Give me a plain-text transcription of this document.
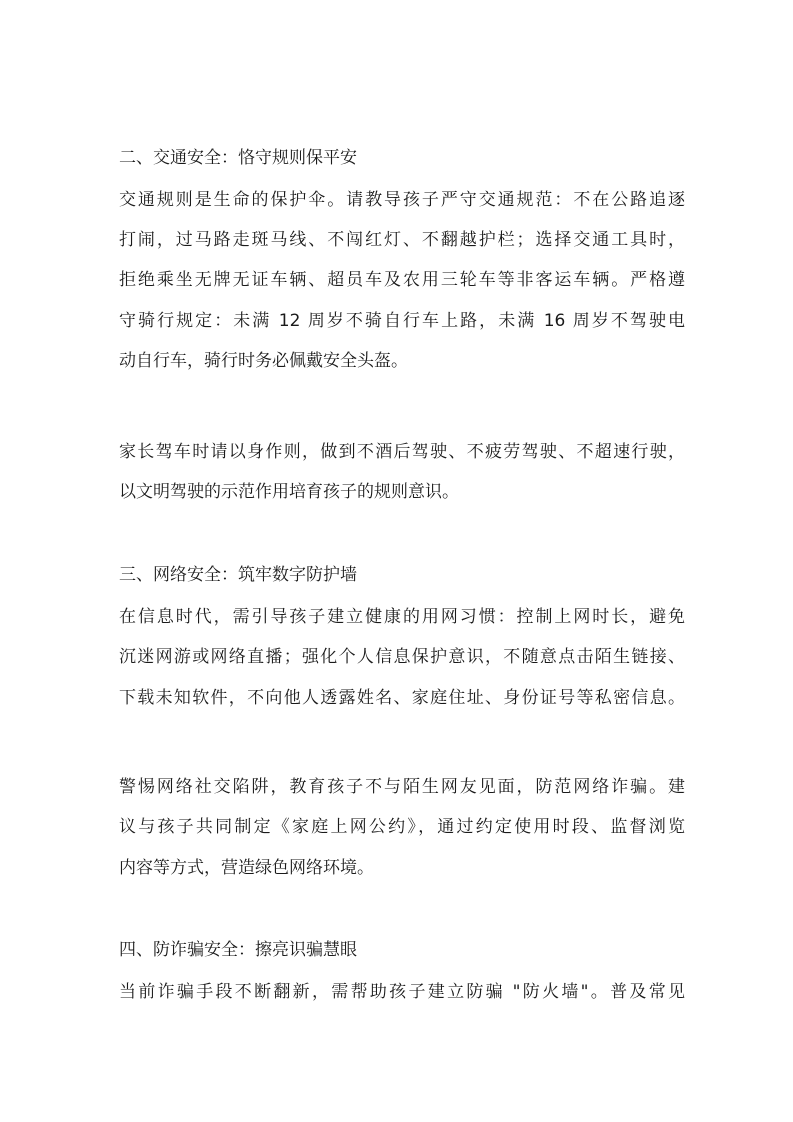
二、交通安全：恪守规则保平安
交通规则是生命的保护伞。请教导孩子严守交通规范：不在公路追逐
打闹，过马路走斑马线、不闯红灯、不翻越护栏；选择交通工具时，
拒绝乘坐无牌无证车辆、超员车及农用三轮车等非客运车辆。严格遵
守骑行规定：未满 12 周岁不骑自行车上路，未满 16 周岁不驾驶电
动自行车，骑行时务必佩戴安全头盔。
家长驾车时请以身作则，做到不酒后驾驶、不疲劳驾驶、不超速行驶，
以文明驾驶的示范作用培育孩子的规则意识。
三、网络安全：筑牢数字防护墙
在信息时代，需引导孩子建立健康的用网习惯：控制上网时长，避免
沉迷网游或网络直播；强化个人信息保护意识，不随意点击陌生链接、
下载未知软件，不向他人透露姓名、家庭住址、身份证号等私密信息。
警惕网络社交陷阱，教育孩子不与陌生网友见面，防范网络诈骗。建
议与孩子共同制定《家庭上网公约》，通过约定使用时段、监督浏览
内容等方式，营造绿色网络环境。
四、防诈骗安全：擦亮识骗慧眼
当前诈骗手段不断翻新，需帮助孩子建立防骗 "防火墙"。普及常见
